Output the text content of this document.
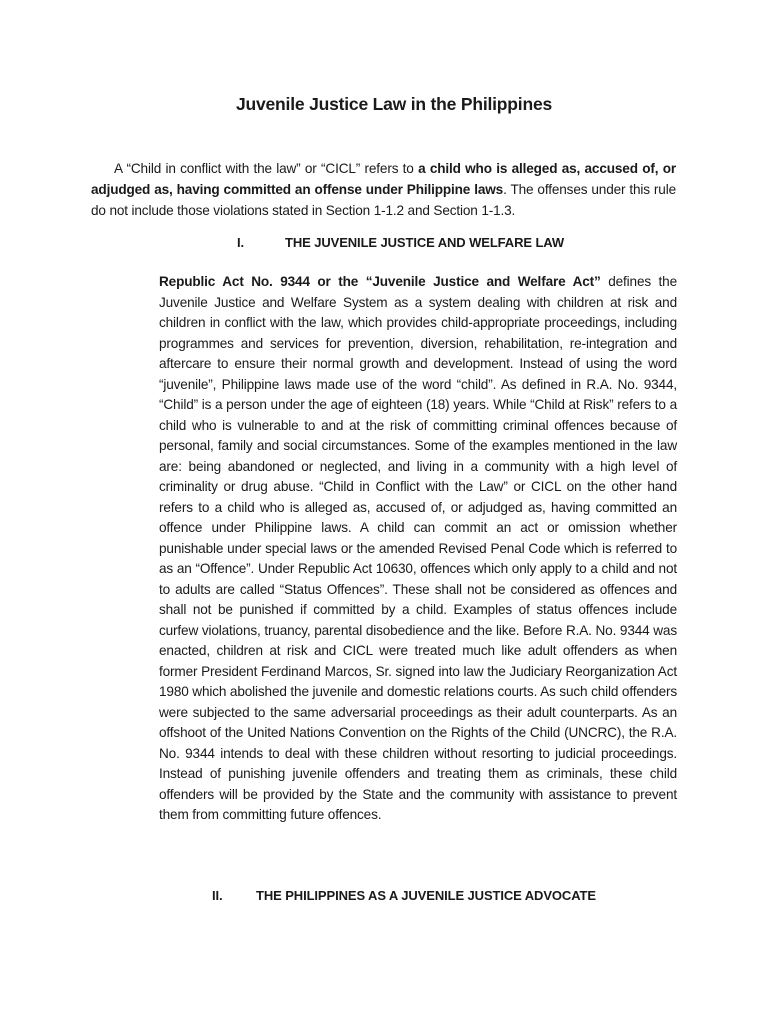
Juvenile Justice Law in the Philippines

A “Child in conflict with the law” or “CICL” refers to a child who is alleged as, accused of, or adjudged as, having committed an offense under Philippine laws. The offenses under this rule do not include those violations stated in Section 1-1.2 and Section 1-1.3.

I.	THE JUVENILE JUSTICE AND WELFARE LAW

Republic Act No. 9344 or the “Juvenile Justice and Welfare Act” defines the Juvenile Justice and Welfare System as a system dealing with children at risk and children in conflict with the law, which provides child-appropriate proceedings, including programmes and services for prevention, diversion, rehabilitation, re-integration and aftercare to ensure their normal growth and development. Instead of using the word “juvenile”, Philippine laws made use of the word “child”. As defined in R.A. No. 9344, “Child” is a person under the age of eighteen (18) years. While “Child at Risk” refers to a child who is vulnerable to and at the risk of committing criminal offences because of personal, family and social circumstances. Some of the examples mentioned in the law are: being abandoned or neglected, and living in a community with a high level of criminality or drug abuse. “Child in Conflict with the Law” or CICL on the other hand refers to a child who is alleged as, accused of, or adjudged as, having committed an offence under Philippine laws. A child can commit an act or omission whether punishable under special laws or the amended Revised Penal Code which is referred to as an “Offence”. Under Republic Act 10630, offences which only apply to a child and not to adults are called “Status Offences”. These shall not be considered as offences and shall not be punished if committed by a child. Examples of status offences include curfew violations, truancy, parental disobedience and the like. Before R.A. No. 9344 was enacted, children at risk and CICL were treated much like adult offenders as when former President Ferdinand Marcos, Sr. signed into law the Judiciary Reorganization Act 1980 which abolished the juvenile and domestic relations courts. As such child offenders were subjected to the same adversarial proceedings as their adult counterparts. As an offshoot of the United Nations Convention on the Rights of the Child (UNCRC), the R.A. No. 9344 intends to deal with these children without resorting to judicial proceedings. Instead of punishing juvenile offenders and treating them as criminals, these child offenders will be provided by the State and the community with assistance to prevent them from committing future offences.

II.	THE PHILIPPINES AS A JUVENILE JUSTICE ADVOCATE
